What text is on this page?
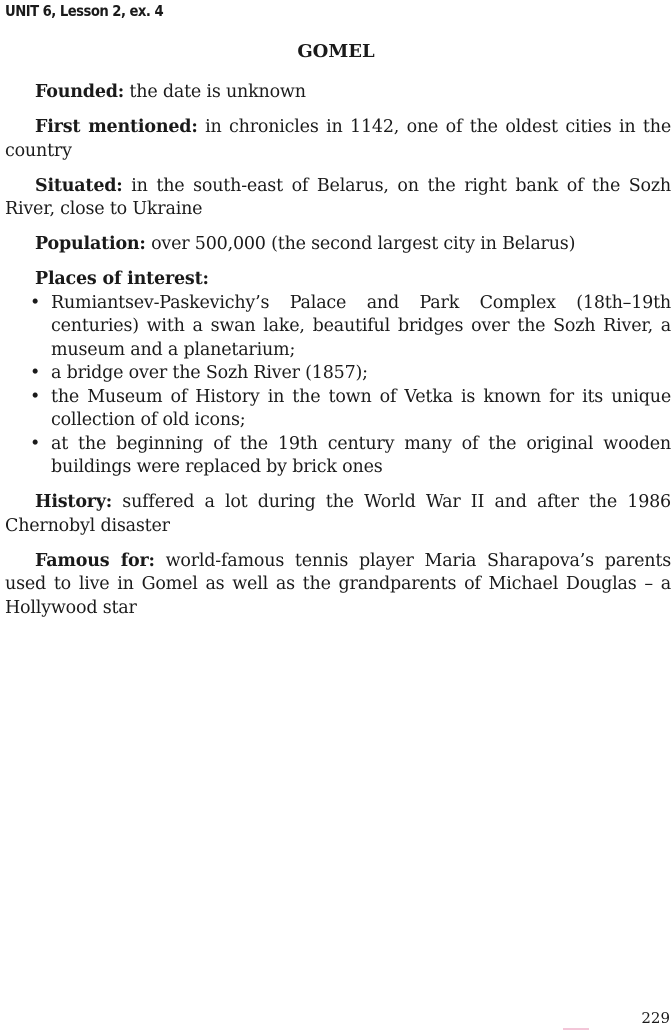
UNIT 6, Lesson 2, ex. 4
GOMEL

Founded: the date is unknown

First mentioned: in chronicles in 1142, one of the oldest cities in the country

Situated: in the south-east of Belarus, on the right bank of the Sozh River, close to Ukraine

Population: over 500,000 (the second largest city in Belarus)

Places of interest:

• Rumiantsev-Paskevichy’s Palace and Park Complex (18th–19th centuries) with a swan lake, beautiful bridges over the Sozh River, a museum and a planetarium;
• a bridge over the Sozh River (1857);
• the Museum of History in the town of Vetka is known for its unique collection of old icons;
• at the beginning of the 19th century many of the original wooden buildings were replaced by brick ones

History: suffered a lot during the World War II and after the 1986 Chernobyl disaster

Famous for: world-famous tennis player Maria Sharapova’s parents used to live in Gomel as well as the grandparents of Michael Douglas – a Hollywood star

229
